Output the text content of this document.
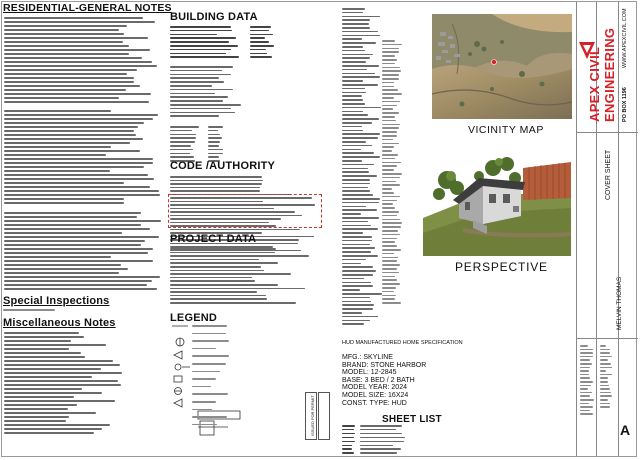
RESIDENTIAL-GENERAL NOTES
Special Inspections
Miscellaneous Notes
BUILDING DATA
CODE /AUTHORITY
PROJECT DATA
LEGEND
HUD MANUFACTURED HOME SPECIFICATION
MFG.: SKYLINE
BRAND: STONE HARBOR
MODEL: 12-2845
BASE: 3 BED / 2 BATH
MODEL YEAR: 2024
MODEL SIZE: 16X24
CONST. TYPE: HUD
SHEET LIST
VICINITY MAP
PERSPECTIVE
APEX CIVIL ENGINEERING WWW.APEXCIVIL.COM
PO BOX 1196
COVER SHEET
MELVIN THOMAS
A
ISSUED FOR PERMIT
